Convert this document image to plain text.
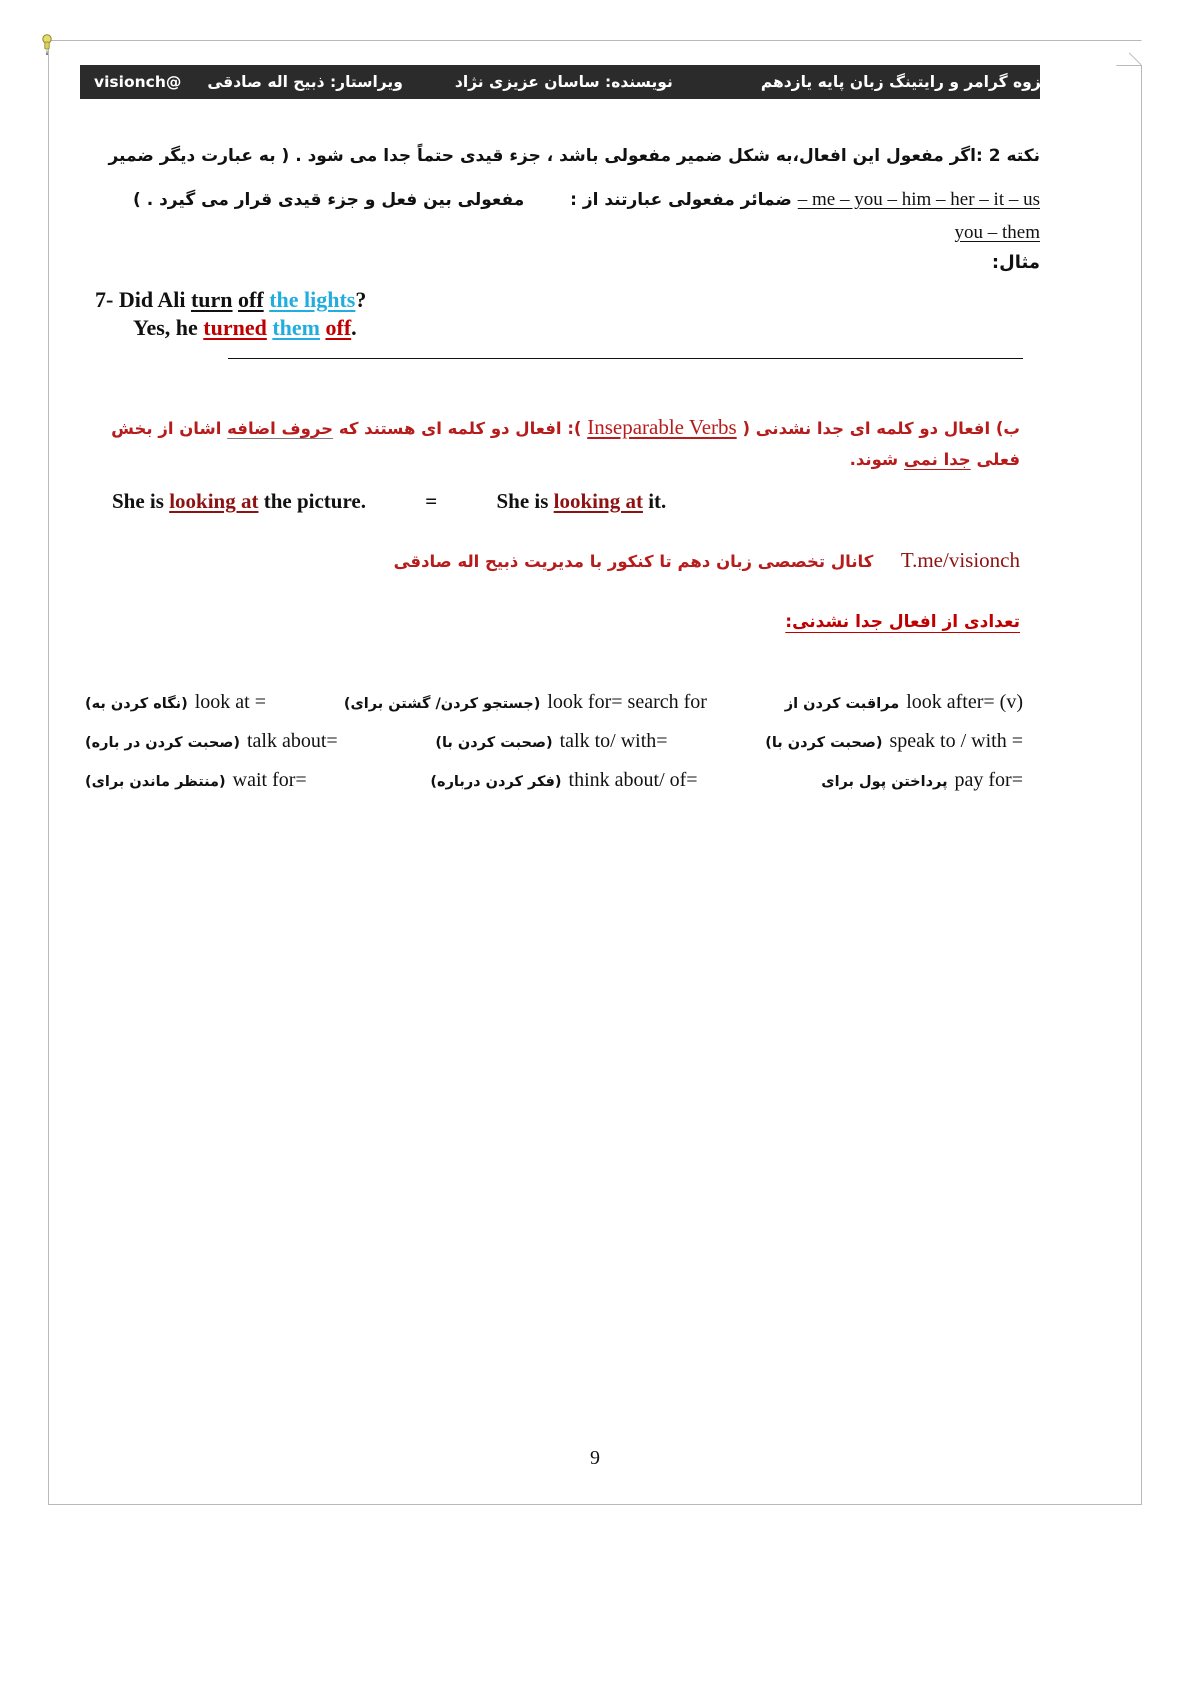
جزوه گرامر و رایتینگ زبان پایه یازدهم
نویسنده: ساسان عزیزی نژاد
ویراستار: ذبیح اله صادقی
@visionch
نکته 2 :اگر مفعول این افعال،به شکل ضمیر مفعولی باشد ، جزء قیدی حتماً جدا می شود . ( به عبارت دیگر ضمیر
me – you – him – her – it – us – ضمائر مفعولی عبارتند از :  مفعولی بین فعل و جزء قیدی قرار می گیرد . )
you – them
مثال:
7- Did Ali turn off the lights?
Yes, he turned them off.
ب) افعال دو کلمه ای جدا نشدنی ( Inseparable Verbs ): افعال دو کلمه ای هستند که حروف اضافه اشان از بخش
فعلی جدا نمی شوند.
She is looking at the picture.	=	She is looking at it.
T.me/visionch  کانال تخصصی زبان دهم تا کنکور با مدیریت ذبیح اله صادقی
تعدادی از افعال جدا نشدنی:
look after= (v)
مراقبت کردن از
look for= search for
(جستجو کردن/ گشتن برای)
look at =
(نگاه کردن به)
speak to / with =
(صحبت کردن با)
talk to/ with=
(صحبت کردن با)
talk about=
(صحبت کردن در باره)
pay for=
پرداختن پول برای
think about/ of=
(فکر کردن درباره)
wait for=
(منتظر ماندن برای)
9
